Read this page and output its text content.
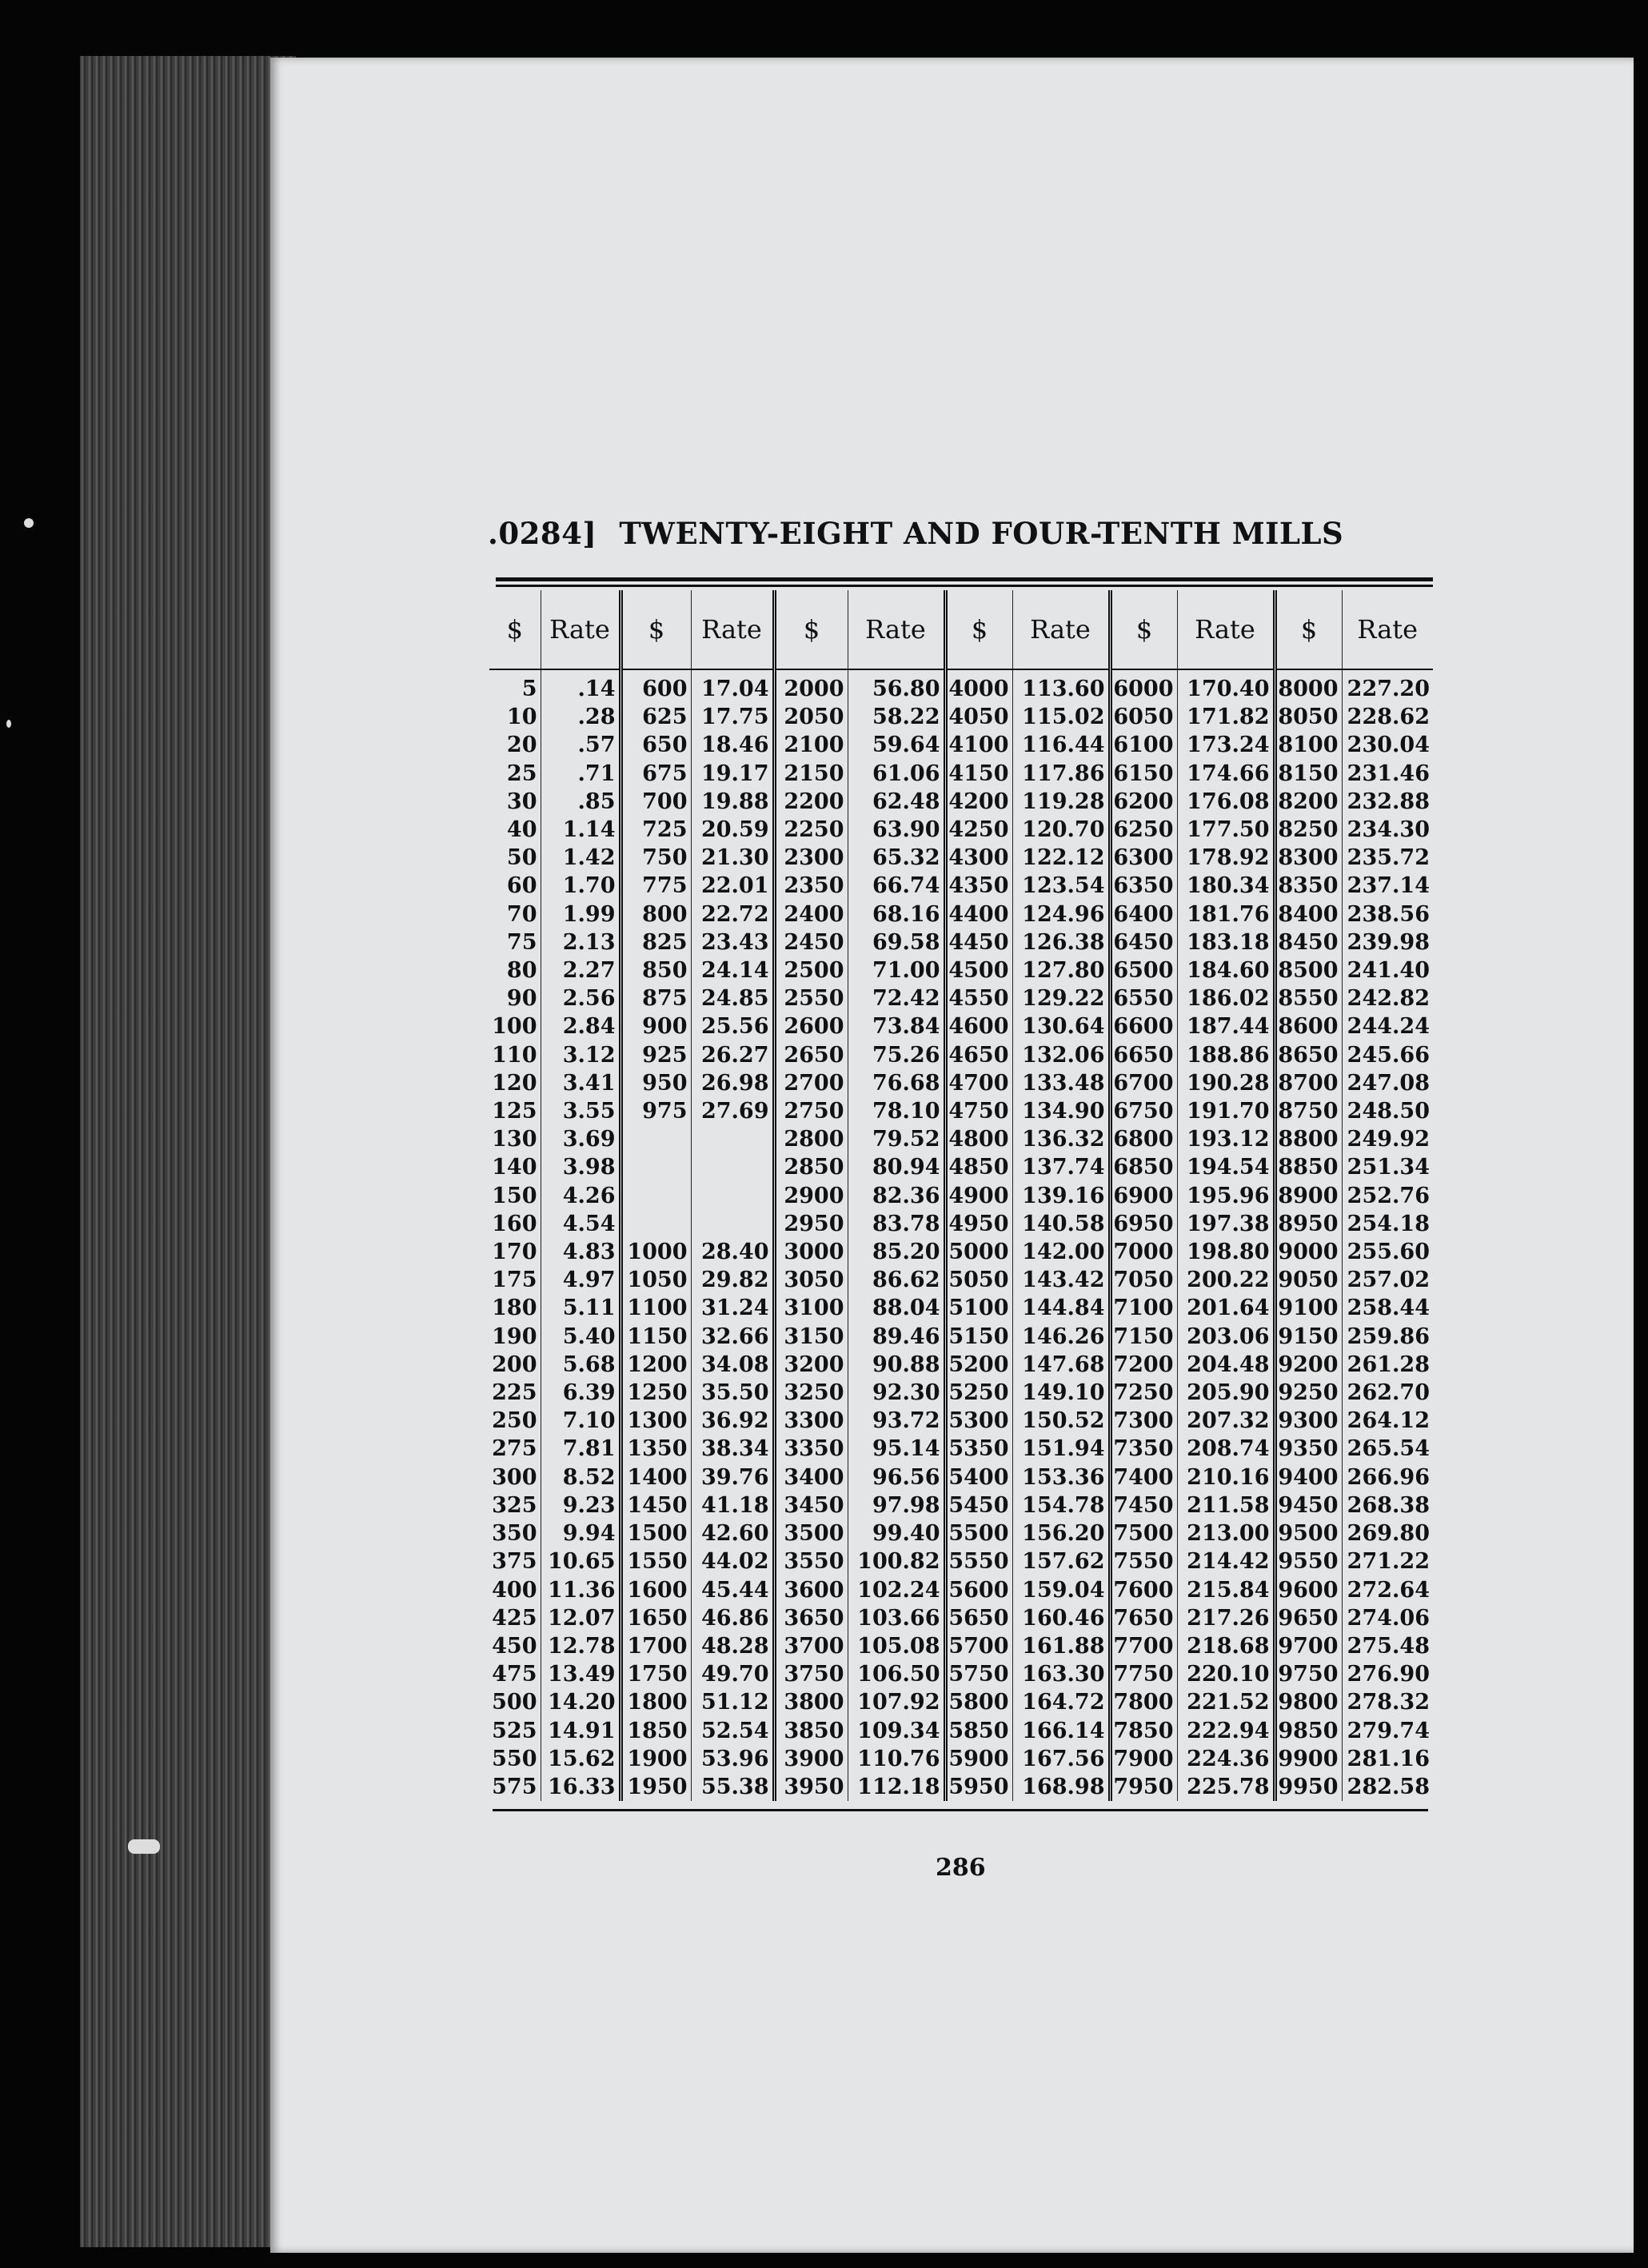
.0284] TWENTY-EIGHT AND FOUR-TENTH MILLS
$	Rate	$	Rate	$	Rate	$	Rate	$	Rate	$	Rate
5	.14	600	17.04	2000	56.80	4000	113.60	6000	170.40	8000	227.20
10	.28	625	17.75	2050	58.22	4050	115.02	6050	171.82	8050	228.62
20	.57	650	18.46	2100	59.64	4100	116.44	6100	173.24	8100	230.04
25	.71	675	19.17	2150	61.06	4150	117.86	6150	174.66	8150	231.46
30	.85	700	19.88	2200	62.48	4200	119.28	6200	176.08	8200	232.88
40	1.14	725	20.59	2250	63.90	4250	120.70	6250	177.50	8250	234.30
50	1.42	750	21.30	2300	65.32	4300	122.12	6300	178.92	8300	235.72
60	1.70	775	22.01	2350	66.74	4350	123.54	6350	180.34	8350	237.14
70	1.99	800	22.72	2400	68.16	4400	124.96	6400	181.76	8400	238.56
75	2.13	825	23.43	2450	69.58	4450	126.38	6450	183.18	8450	239.98
80	2.27	850	24.14	2500	71.00	4500	127.80	6500	184.60	8500	241.40
90	2.56	875	24.85	2550	72.42	4550	129.22	6550	186.02	8550	242.82
100	2.84	900	25.56	2600	73.84	4600	130.64	6600	187.44	8600	244.24
110	3.12	925	26.27	2650	75.26	4650	132.06	6650	188.86	8650	245.66
120	3.41	950	26.98	2700	76.68	4700	133.48	6700	190.28	8700	247.08
125	3.55	975	27.69	2750	78.10	4750	134.90	6750	191.70	8750	248.50
130	3.69			2800	79.52	4800	136.32	6800	193.12	8800	249.92
140	3.98			2850	80.94	4850	137.74	6850	194.54	8850	251.34
150	4.26			2900	82.36	4900	139.16	6900	195.96	8900	252.76
160	4.54			2950	83.78	4950	140.58	6950	197.38	8950	254.18
170	4.83	1000	28.40	3000	85.20	5000	142.00	7000	198.80	9000	255.60
175	4.97	1050	29.82	3050	86.62	5050	143.42	7050	200.22	9050	257.02
180	5.11	1100	31.24	3100	88.04	5100	144.84	7100	201.64	9100	258.44
190	5.40	1150	32.66	3150	89.46	5150	146.26	7150	203.06	9150	259.86
200	5.68	1200	34.08	3200	90.88	5200	147.68	7200	204.48	9200	261.28
225	6.39	1250	35.50	3250	92.30	5250	149.10	7250	205.90	9250	262.70
250	7.10	1300	36.92	3300	93.72	5300	150.52	7300	207.32	9300	264.12
275	7.81	1350	38.34	3350	95.14	5350	151.94	7350	208.74	9350	265.54
300	8.52	1400	39.76	3400	96.56	5400	153.36	7400	210.16	9400	266.96
325	9.23	1450	41.18	3450	97.98	5450	154.78	7450	211.58	9450	268.38
350	9.94	1500	42.60	3500	99.40	5500	156.20	7500	213.00	9500	269.80
375	10.65	1550	44.02	3550	100.82	5550	157.62	7550	214.42	9550	271.22
400	11.36	1600	45.44	3600	102.24	5600	159.04	7600	215.84	9600	272.64
425	12.07	1650	46.86	3650	103.66	5650	160.46	7650	217.26	9650	274.06
450	12.78	1700	48.28	3700	105.08	5700	161.88	7700	218.68	9700	275.48
475	13.49	1750	49.70	3750	106.50	5750	163.30	7750	220.10	9750	276.90
500	14.20	1800	51.12	3800	107.92	5800	164.72	7800	221.52	9800	278.32
525	14.91	1850	52.54	3850	109.34	5850	166.14	7850	222.94	9850	279.74
550	15.62	1900	53.96	3900	110.76	5900	167.56	7900	224.36	9900	281.16
575	16.33	1950	55.38	3950	112.18	5950	168.98	7950	225.78	9950	282.58
286
